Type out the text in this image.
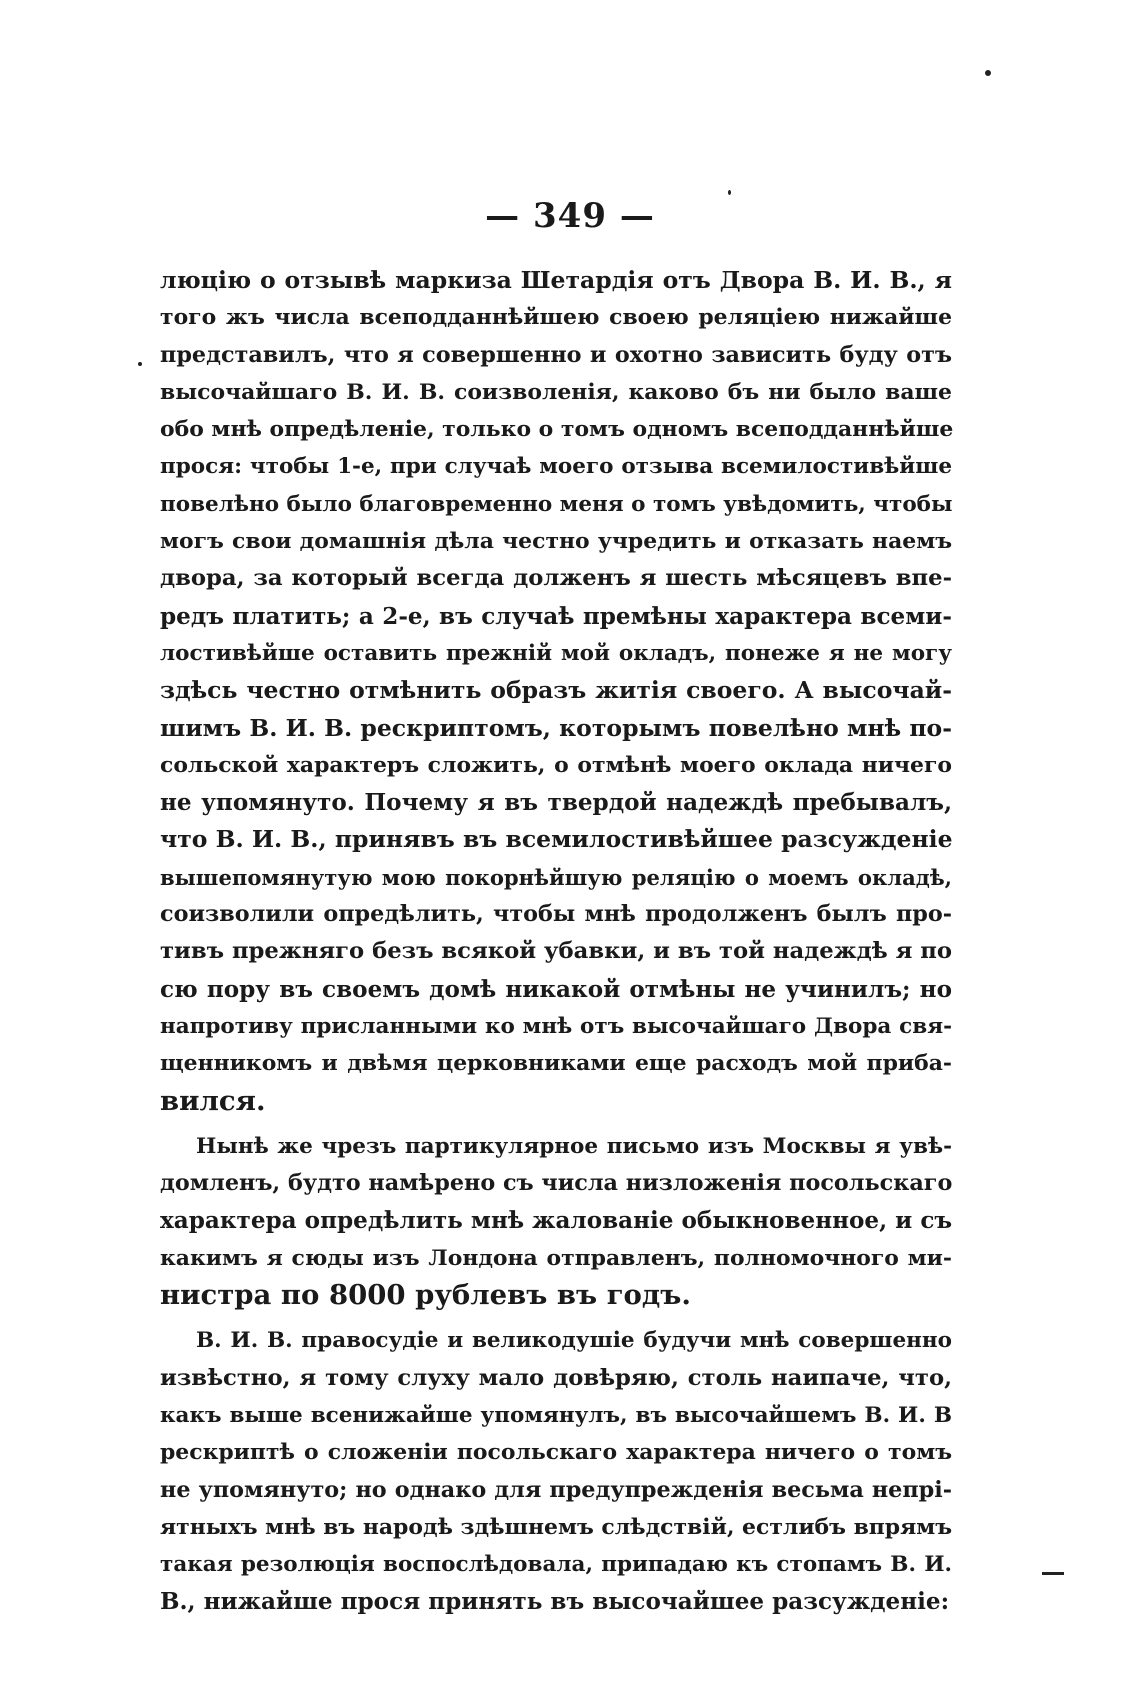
— 349 —
люцію о отзывѣ маркиза Шетардія отъ Двора В. И. В., я
того жъ числа всеподданнѣйшею своею реляціею нижайше
представилъ, что я совершенно и охотно зависить буду отъ
высочайшаго В. И. В. соизволенія, каково бъ ни было ваше
обо мнѣ опредѣленіе, только о томъ одномъ всеподданнѣйше
прося: чтобы 1-е, при случаѣ моего отзыва всемилостивѣйше
повелѣно было благовременно меня о томъ увѣдомить, чтобы
могъ свои домашнія дѣла честно учредить и отказать наемъ
двора, за который всегда долженъ я шесть мѣсяцевъ впе-
редъ платить; а 2-е, въ случаѣ премѣны характера всеми-
лостивѣйше оставить прежній мой окладъ, понеже я не могу
здѣсь честно отмѣнить образъ житія своего. А высочай-
шимъ В. И. В. рескриптомъ, которымъ повелѣно мнѣ по-
сольской характеръ сложить, о отмѣнѣ моего оклада ничего
не упомянуто. Почему я въ твердой надеждѣ пребывалъ,
что В. И. В., принявъ въ всемилостивѣйшее разсужденіе
вышепомянутую мою покорнѣйшую реляцію о моемъ окладѣ,
соизволили опредѣлить, чтобы мнѣ продолженъ былъ про-
тивъ прежняго безъ всякой убавки, и въ той надеждѣ я по
сю пору въ своемъ домѣ никакой отмѣны не учинилъ; но
напротиву присланными ко мнѣ отъ высочайшаго Двора свя-
щенникомъ и двѣмя церковниками еще расходъ мой приба-
вился.
Нынѣ же чрезъ партикулярное письмо изъ Москвы я увѣ-
домленъ, будто намѣрено съ числа низложенія посольскаго
характера опредѣлить мнѣ жалованіе обыкновенное, и съ
какимъ я сюды изъ Лондона отправленъ, полномочного ми-
нистра по 8000 рублевъ въ годъ.
В. И. В. правосудіе и великодушіе будучи мнѣ совершенно
извѣстно, я тому слуху мало довѣряю, столь наипаче, что,
какъ выше всенижайше упомянулъ, въ высочайшемъ В. И. В
рескриптѣ о сложеніи посольскаго характера ничего о томъ
не упомянуто; но однако для предупрежденія весьма непрі-
ятныхъ мнѣ въ народѣ здѣшнемъ слѣдствій, естлибъ впрямъ
такая резолюція воспослѣдовала, припадаю къ стопамъ В. И.
В., нижайше прося принять въ высочайшее разсужденіе:
